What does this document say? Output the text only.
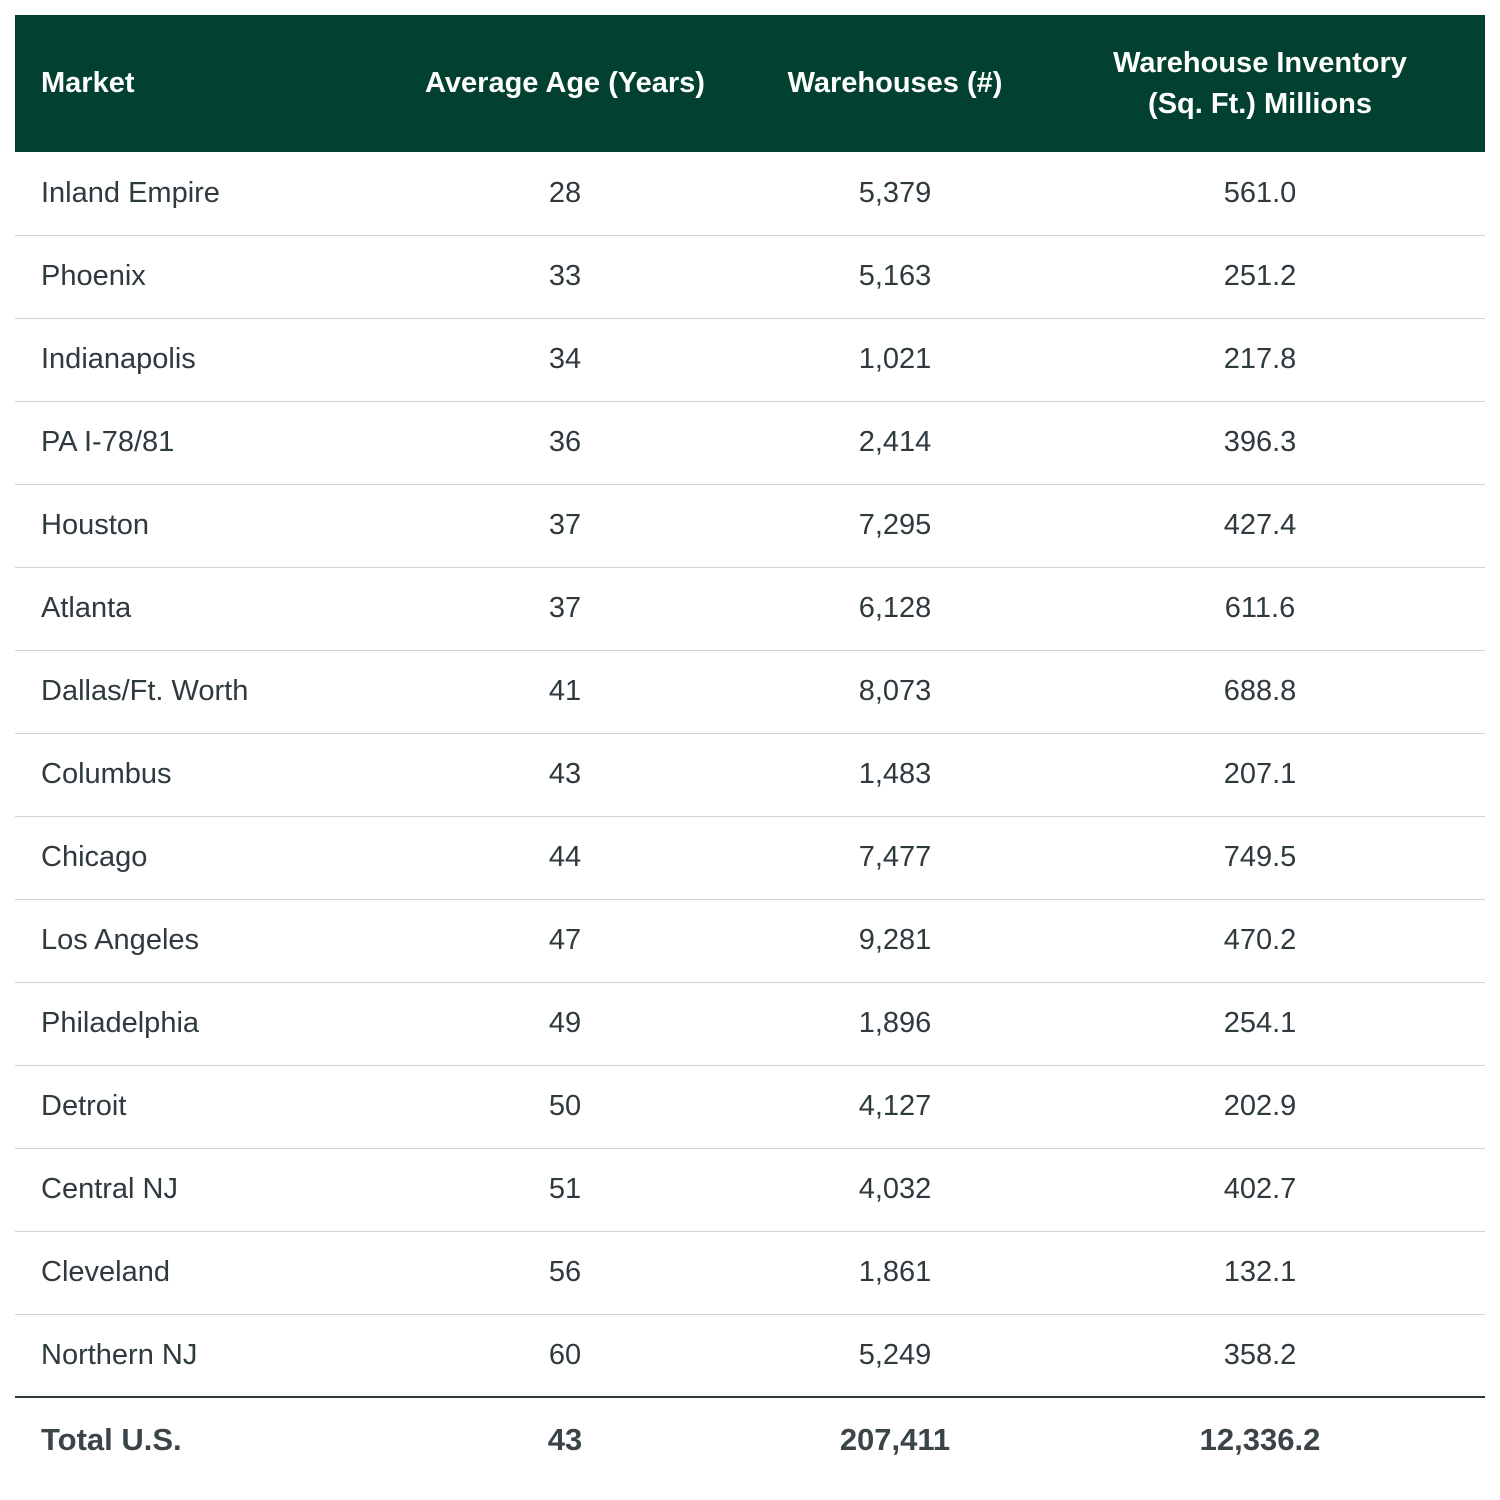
Market	Average Age (Years)	Warehouses (#)	Warehouse Inventory
(Sq. Ft.) Millions

Inland Empire	28	5,379	561.0
Phoenix	33	5,163	251.2
Indianapolis	34	1,021	217.8
PA I-78/81	36	2,414	396.3
Houston	37	7,295	427.4
Atlanta	37	6,128	611.6
Dallas/Ft. Worth	41	8,073	688.8
Columbus	43	1,483	207.1
Chicago	44	7,477	749.5
Los Angeles	47	9,281	470.2
Philadelphia	49	1,896	254.1
Detroit	50	4,127	202.9
Central NJ	51	4,032	402.7
Cleveland	56	1,861	132.1
Northern NJ	60	5,249	358.2
Total U.S.	43	207,411	12,336.2
